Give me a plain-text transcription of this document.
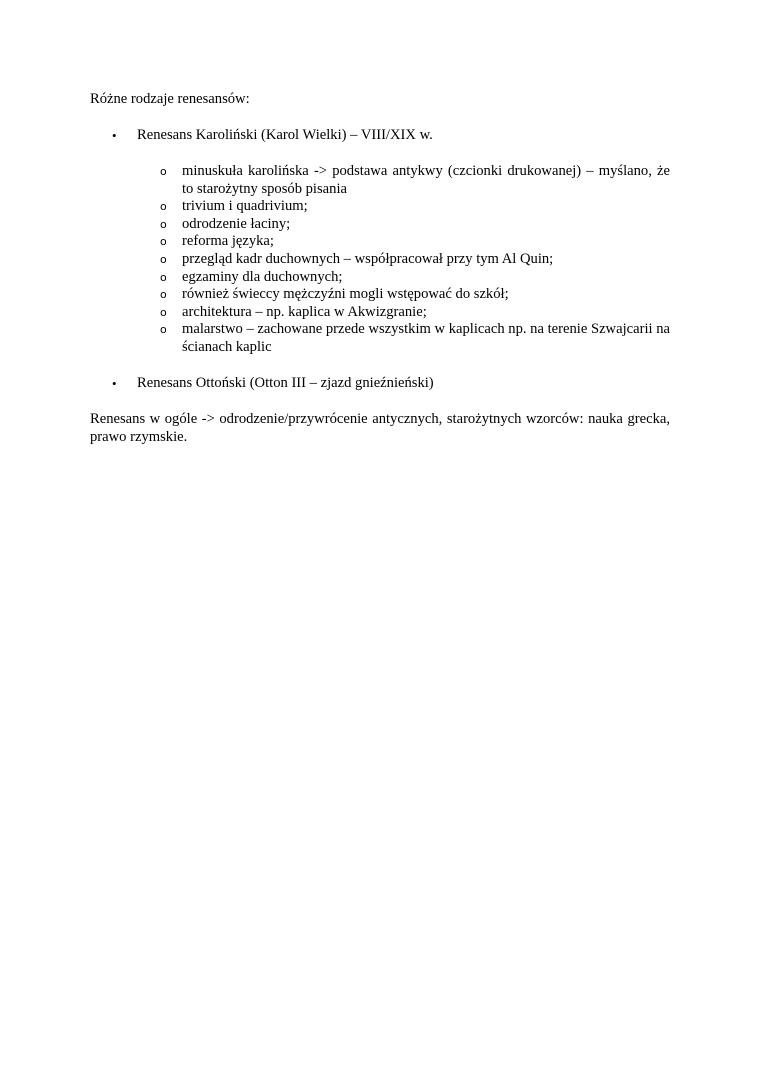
Różne rodzaje renesansów:
• Renesans Karoliński (Karol Wielki) – VIII/XIX w.
o minuskuła karolińska -> podstawa antykwy (czcionki drukowanej) – myślano, że to starożytny sposób pisania
o trivium i quadrivium;
o odrodzenie łaciny;
o reforma języka;
o przegląd kadr duchownych – współpracował przy tym Al Quin;
o egzaminy dla duchownych;
o również świeccy mężczyźni mogli wstępować do szkół;
o architektura – np. kaplica w Akwizgranie;
o malarstwo – zachowane przede wszystkim w kaplicach np. na terenie Szwajcarii na ścianach kaplic
• Renesans Ottoński (Otton III – zjazd gnieźnieński)
Renesans w ogóle -> odrodzenie/przywrócenie antycznych, starożytnych wzorców: nauka grecka, prawo rzymskie.
